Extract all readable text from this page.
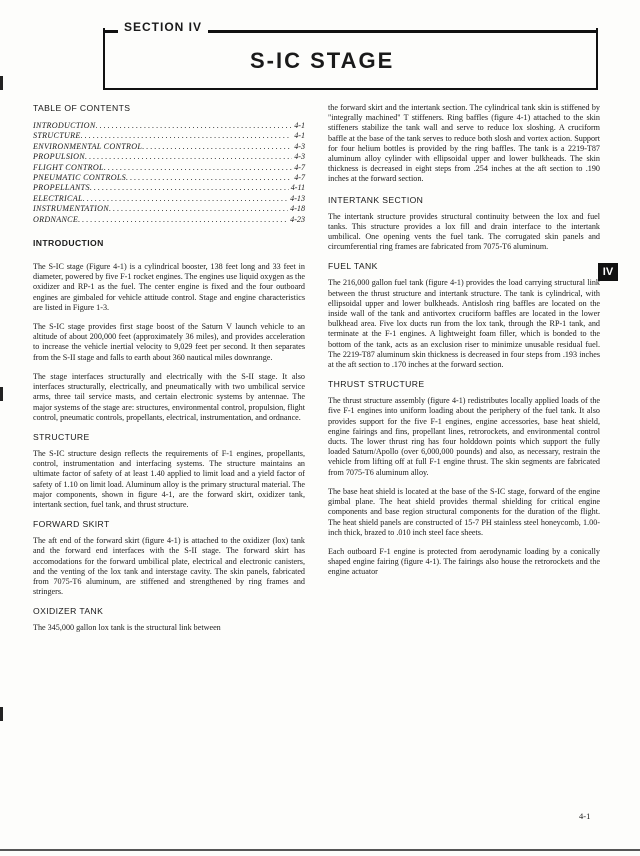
SECTION IV
S-IC STAGE
IV
TABLE OF CONTENTS
INTRODUCTION . . .	4-1
STRUCTURE . . .	4-1
ENVIRONMENTAL CONTROL . . .	4-3
PROPULSION . . .	4-3
FLIGHT CONTROL . . .	4-7
PNEUMATIC CONTROLS . . .	4-7
PROPELLANTS . . .	4-11
ELECTRICAL . . .	4-13
INSTRUMENTATION . . .	4-18
ORDNANCE . . .	4-23
INTRODUCTION

The S-IC stage (Figure 4-1) is a cylindrical booster, 138 feet long and 33 feet in diameter, powered by five F-1 rocket engines. The engines use liquid oxygen as the oxidizer and RP-1 as the fuel. The center engine is fixed and the four outboard engines are gimbaled for vehicle attitude control. Stage and engine characteristics are listed in Figure 1-3.

The S-IC stage provides first stage boost of the Saturn V launch vehicle to an altitude of about 200,000 feet (approximately 36 miles), and provides acceleration to increase the vehicle inertial velocity to 9,029 feet per second. It then separates from the S-II stage and falls to earth about 360 nautical miles downrange.

The stage interfaces structurally and electrically with the S-II stage. It also interfaces structurally, electrically, and pneumatically with two umbilical service arms, three tail service masts, and certain electronic systems by antennae. The major systems of the stage are: structures, environmental control, propulsion, flight control, pneumatic controls, propellants, electrical, instrumentation, and ordnance.

STRUCTURE

The S-IC structure design reflects the requirements of F-1 engines, propellants, control, instrumentation and interfacing systems. The structure maintains an ultimate factor of safety of at least 1.40 applied to limit load and a yield factor of safety of 1.10 on limit load. Aluminum alloy is the primary structural material. The major components, shown in figure 4-1, are the forward skirt, oxidizer tank, intertank section, fuel tank, and thrust structure.

FORWARD SKIRT

The aft end of the forward skirt (figure 4-1) is attached to the oxidizer (lox) tank and the forward end interfaces with the S-II stage. The forward skirt has accomodations for the forward umbilical plate, electrical and electronic canisters, and the venting of the lox tank and interstage cavity. The skin panels, fabricated from 7075-T6 aluminum, are stiffened and strengthened by ring frames and stringers.

OXIDIZER TANK

The 345,000 gallon lox tank is the structural link between

the forward skirt and the intertank section. The cylindrical tank skin is stiffened by "integrally machined" T stiffeners. Ring baffles (figure 4-1) attached to the skin stiffeners stabilize the tank wall and serve to reduce lox sloshing. A cruciform baffle at the base of the tank serves to reduce both slosh and vortex action. Support for four helium bottles is provided by the ring baffles. The tank is a 2219-T87 aluminum alloy cylinder with ellipsoidal upper and lower bulkheads. The skin thickness is decreased in eight steps from .254 inches at the aft section to .190 inches at the forward section.

INTERTANK SECTION

The intertank structure provides structural continuity between the lox and fuel tanks. This structure provides a lox fill and drain interface to the intertank umbilical. One opening vents the fuel tank. The corrugated skin panels and circumferential ring frames are fabricated from 7075-T6 aluminum.

FUEL TANK

The 216,000 gallon fuel tank (figure 4-1) provides the load carrying structural link between the thrust structure and intertank structure. The tank is cylindrical, with ellipsoidal upper and lower bulkheads. Antislosh ring baffles are located on the inside wall of the tank and antivortex cruciform baffles are located in the lower bulkhead area. Five lox ducts run from the lox tank, through the RP-1 tank, and terminate at the F-1 engines. A lightweight foam filler, which is bonded to the bottom of the tank, acts as an exclusion riser to minimize unusable residual fuel. The 2219-T87 aluminum skin thickness is decreased in four steps from .193 inches at the aft section to .170 inches at the forward section.

THRUST STRUCTURE

The thrust structure assembly (figure 4-1) redistributes locally applied loads of the five F-1 engines into uniform loading about the periphery of the fuel tank. It also provides support for the five F-1 engines, engine accessories, base heat shield, engine fairings and fins, propellant lines, retrorockets, and environmental control ducts. The lower thrust ring has four holddown points which support the fully loaded Saturn/Apollo (over 6,000,000 pounds) and also, as necessary, restrain the vehicle from lifting off at full F-1 engine thrust. The skin segments are fabricated from 7075-T6 aluminum alloy.

The base heat shield is located at the base of the S-IC stage, forward of the engine gimbal plane. The heat shield provides thermal shielding for critical engine components and base region structural components for the duration of the flight. The heat shield panels are constructed of 15-7 PH stainless steel honeycomb, 1.00-inch thick, brazed to .010 inch steel face sheets.

Each outboard F-1 engine is protected from aerodynamic loading by a conically shaped engine fairing (figure 4-1). The fairings also house the retrorockets and the engine actuator

4-1
